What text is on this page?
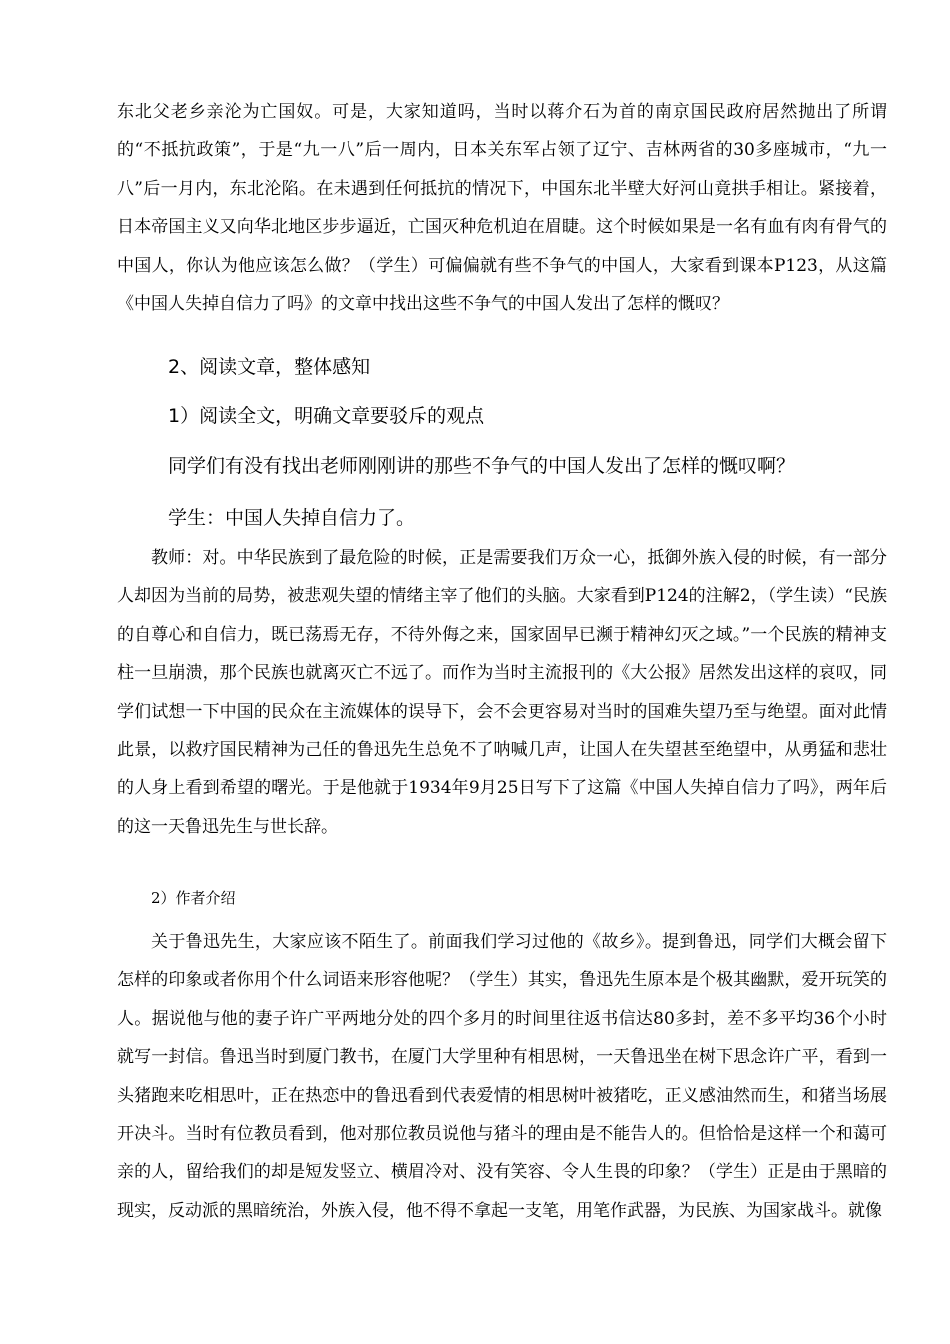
东北父老乡亲沦为亡国奴。可是，大家知道吗，当时以蒋介石为首的南京国民政府居然抛出了所谓的“不抵抗政策”，于是“九一八”后一周内，日本关东军占领了辽宁、吉林两省的30多座城市，“九一八”后一月内，东北沦陷。在未遇到任何抵抗的情况下，中国东北半壁大好河山竟拱手相让。紧接着，日本帝国主义又向华北地区步步逼近，亡国灭种危机迫在眉睫。这个时候如果是一名有血有肉有骨气的中国人，你认为他应该怎么做？（学生）可偏偏就有些不争气的中国人，大家看到课本P123，从这篇《中国人失掉自信力了吗》的文章中找出这些不争气的中国人发出了怎样的慨叹？

2、阅读文章，整体感知

1）阅读全文，明确文章要驳斥的观点

同学们有没有找出老师刚刚讲的那些不争气的中国人发出了怎样的慨叹啊？

学生：中国人失掉自信力了。

教师：对。中华民族到了最危险的时候，正是需要我们万众一心，抵御外族入侵的时候，有一部分人却因为当前的局势，被悲观失望的情绪主宰了他们的头脑。大家看到P124的注解2，（学生读）“民族的自尊心和自信力，既已荡焉无存，不待外侮之来，国家固早已濒于精神幻灭之域。”一个民族的精神支柱一旦崩溃，那个民族也就离灭亡不远了。而作为当时主流报刊的《大公报》居然发出这样的哀叹，同学们试想一下中国的民众在主流媒体的误导下，会不会更容易对当时的国难失望乃至与绝望。面对此情此景，以救疗国民精神为己任的鲁迅先生总免不了呐喊几声，让国人在失望甚至绝望中，从勇猛和悲壮的人身上看到希望的曙光。于是他就于1934年9月25日写下了这篇《中国人失掉自信力了吗》，两年后的这一天鲁迅先生与世长辞。

2）作者介绍

关于鲁迅先生，大家应该不陌生了。前面我们学习过他的《故乡》。提到鲁迅，同学们大概会留下怎样的印象或者你用个什么词语来形容他呢？（学生）其实，鲁迅先生原本是个极其幽默，爱开玩笑的人。据说他与他的妻子许广平两地分处的四个多月的时间里往返书信达80多封，差不多平均36个小时就写一封信。鲁迅当时到厦门教书，在厦门大学里种有相思树，一天鲁迅坐在树下思念许广平，看到一头猪跑来吃相思叶，正在热恋中的鲁迅看到代表爱情的相思树叶被猪吃，正义感油然而生，和猪当场展开决斗。当时有位教员看到，他对那位教员说他与猪斗的理由是不能告人的。但恰恰是这样一个和蔼可亲的人，留给我们的却是短发竖立、横眉冷对、没有笑容、令人生畏的印象？（学生）正是由于黑暗的现实，反动派的黑暗统治，外族入侵，他不得不拿起一支笔，用笔作武器，为民族、为国家战斗。就像
